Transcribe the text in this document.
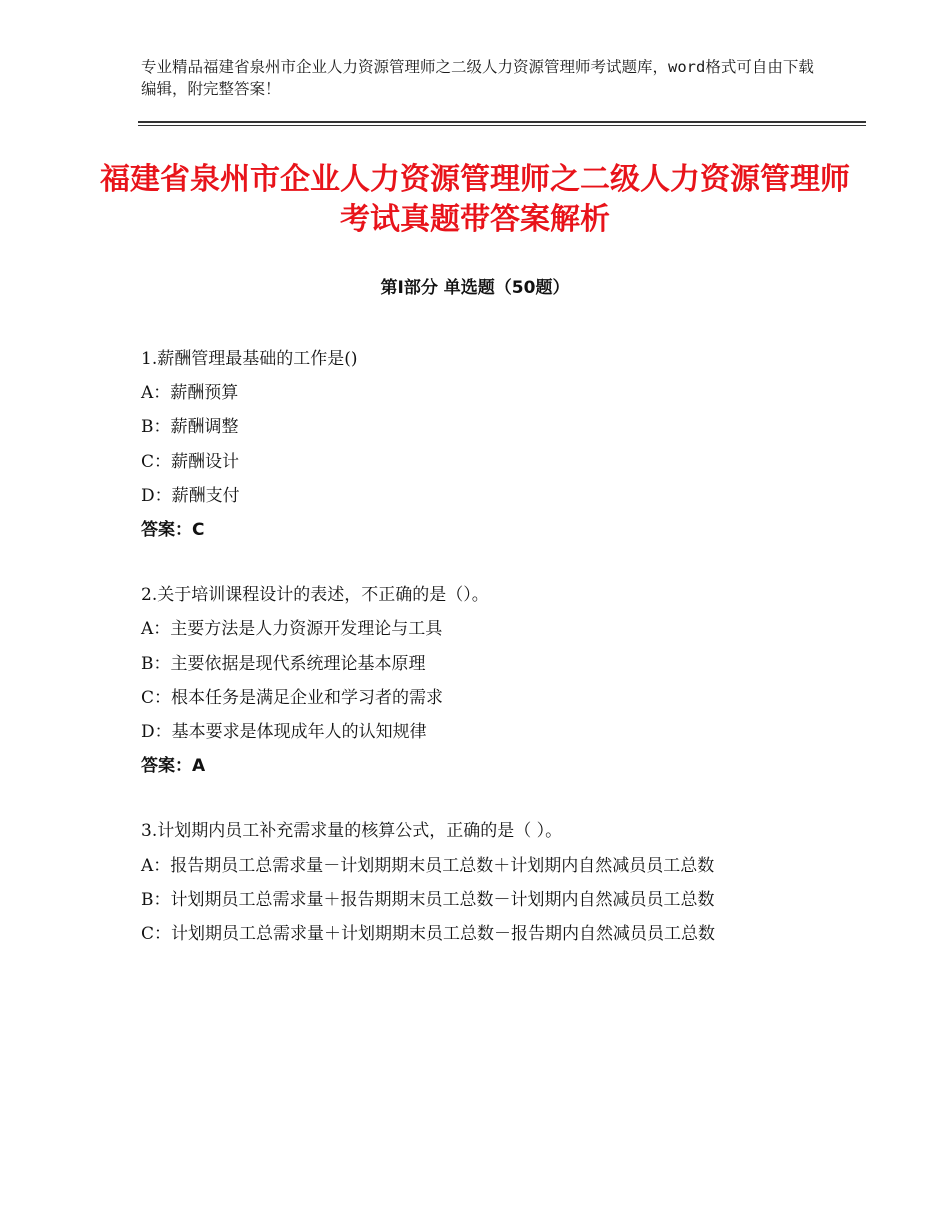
专业精品福建省泉州市企业人力资源管理师之二级人力资源管理师考试题库，word格式可自由下载编辑，附完整答案！
福建省泉州市企业人力资源管理师之二级人力资源管理师考试真题带答案解析
第Ⅰ部分 单选题（50题）

1.薪酬管理最基础的工作是()

A：薪酬预算

B：薪酬调整

C：薪酬设计

D：薪酬支付

答案：C

2.关于培训课程设计的表述，不正确的是（）。

A：主要方法是人力资源开发理论与工具

B：主要依据是现代系统理论基本原理

C：根本任务是满足企业和学习者的需求

D：基本要求是体现成年人的认知规律

答案：A

3.计划期内员工补充需求量的核算公式，正确的是（ ）。

A：报告期员工总需求量－计划期期末员工总数＋计划期内自然减员员工总数

B：计划期员工总需求量＋报告期期末员工总数－计划期内自然减员员工总数

C：计划期员工总需求量＋计划期期末员工总数－报告期内自然减员员工总数
